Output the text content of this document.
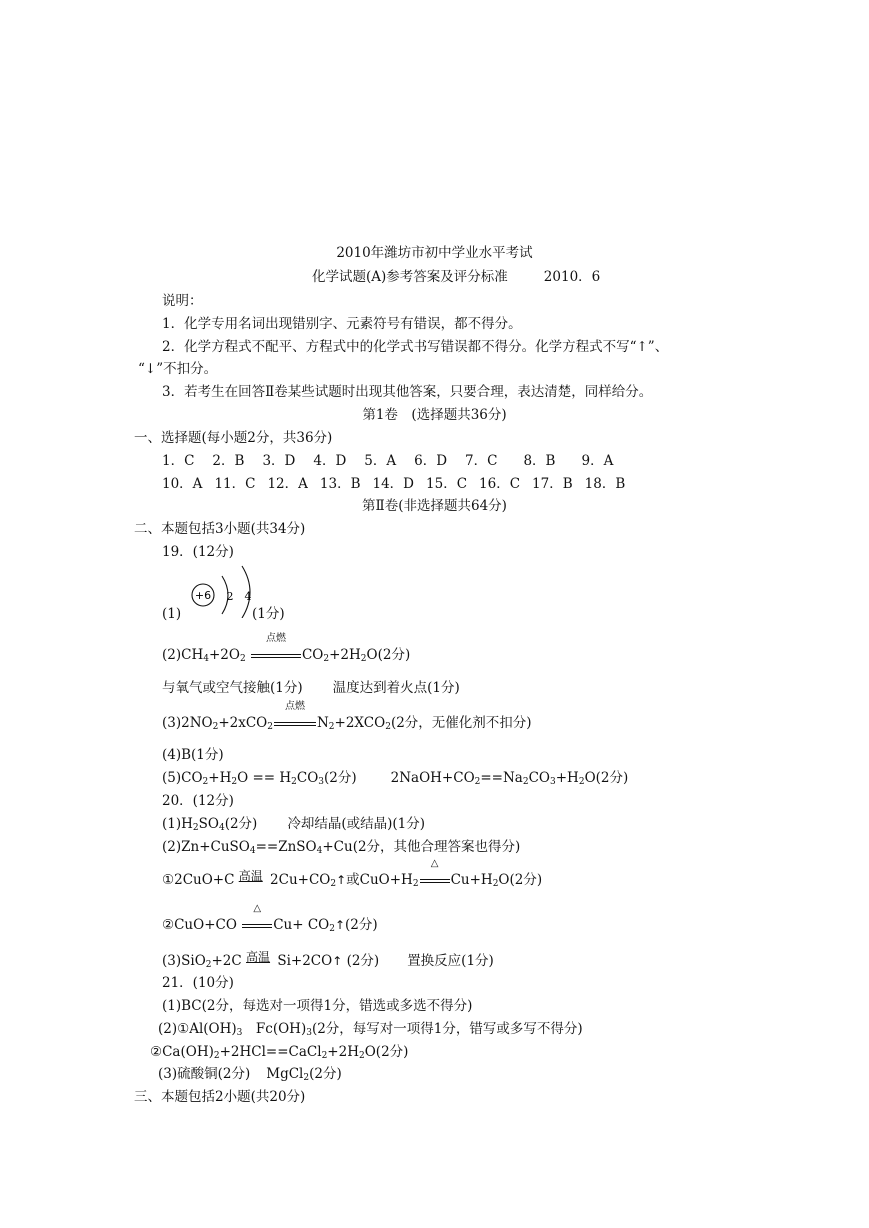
2010年潍坊市初中学业水平考试
化学试题(A)参考答案及评分标准	2010．6
说明：
1．化学专用名词出现错别字、元素符号有错误，都不得分。
2．化学方程式不配平、方程式中的化学式书写错误都不得分。化学方程式不写“↑”、
“↓”不扣分。
3．若考生在回答Ⅱ卷某些试题时出现其他答案，只要合理，表达清楚，同样给分。
第1卷　(选择题共36分)
一、选择题(每小题2分，共36分)
1．C 2．B 3．D 4．D 5．A 6．D 7．C 8．B 9．A
10．A 11．C 12．A 13．B 14．D 15．C 16．C 17．B 18．B
第Ⅱ卷(非选择题共64分)
二、本题包括3小题(共34分)
19．(12分)
+6 2 4
(1)	(1分)
$(2)CH_4+2O_2$
点燃
$CO_2+2H_2O(2$分)
与氧气或空气接触(1分) 温度达到着火点(1分)
$(3)2NO_2+2xCO_2$
点燃
$N_2+2XCO_2(2$分，无催化剂不扣分)
(4)B(1分)
$(5)CO_2+H_2O == H_2CO_3(2$分)	$2NaOH+CO_2==Na_2CO_3+H_2O(2$分)
20．(12分)
$(1)H_2SO_4(2$分) 冷却结晶(或结晶)(1分)
(2)Zn+CuSO$_4$==ZnSO$_4$+Cu(2分，其他合理答案也得分)
①2CuO+C 高温 $2Cu+CO_2↑$或$CuO+H_2$
△
$Cu+H_2O(2$分)
②CuO+CO
△
$Cu+ CO_2↑(2$分)
(3)SiO$_2$+2C 高温 Si+2CO↑ (2分) 置换反应(1分)
21．(10分)
(1)BC(2分，每选对一项得1分，错选或多选不得分)
$(2)①Al(OH)_3$　$Fc(OH)_3(2$分，每写对一项得1分，错写或多写不得分)
$②Ca(OH)_2+2HCl==CaCl_2+2H_2O(2$分)
(3)硫酸铜(2分) MgCl$_2$(2分)
三、本题包括2小题(共20分)
